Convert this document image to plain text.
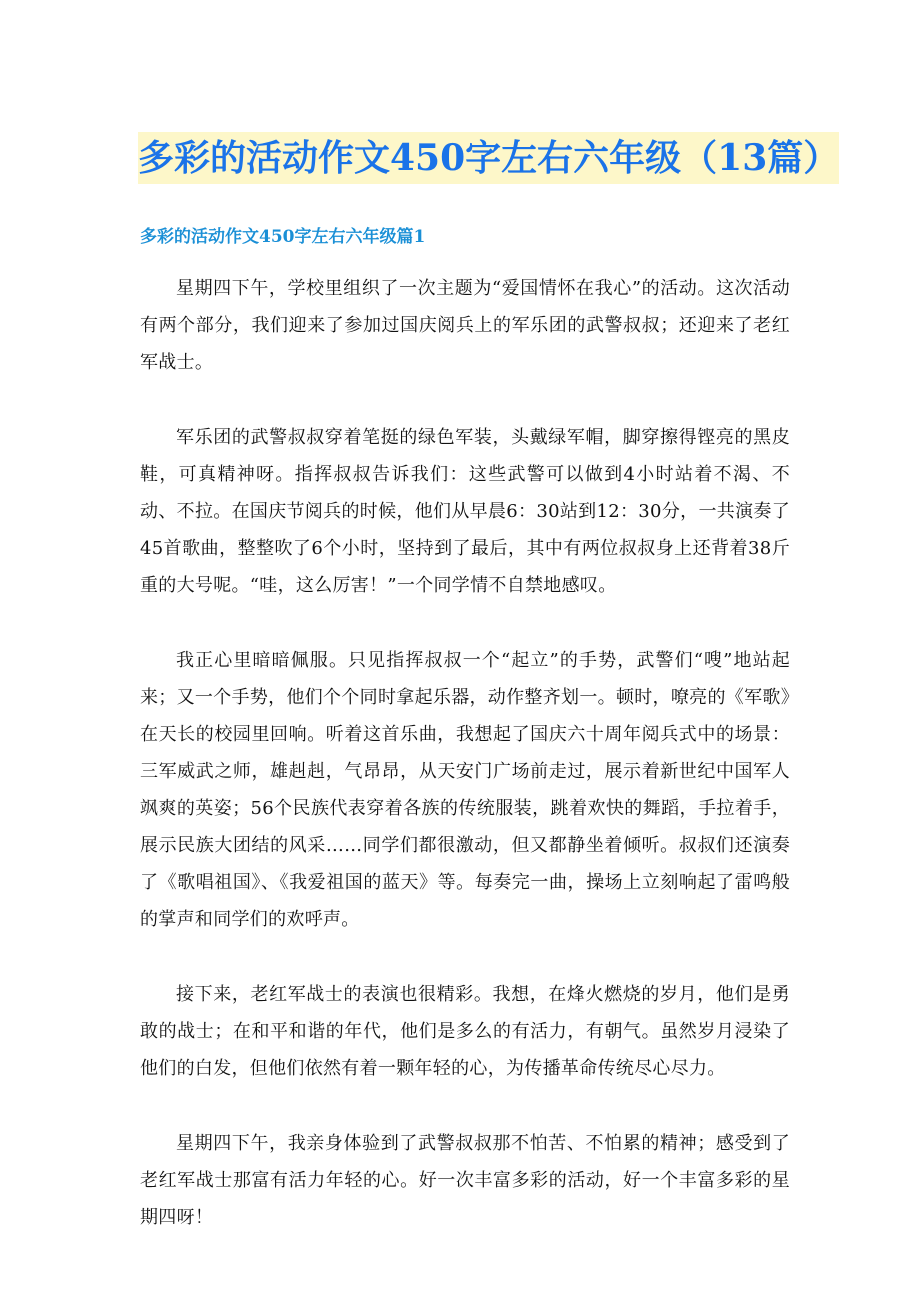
多彩的活动作文450字左右六年级（13篇）
多彩的活动作文450字左右六年级篇1

星期四下午，学校里组织了一次主题为“爱国情怀在我心”的活动。这次活动有两个部分，我们迎来了参加过国庆阅兵上的军乐团的武警叔叔；还迎来了老红军战士。

军乐团的武警叔叔穿着笔挺的绿色军装，头戴绿军帽，脚穿擦得铿亮的黑皮鞋，可真精神呀。指挥叔叔告诉我们：这些武警可以做到4小时站着不渴、不动、不拉。在国庆节阅兵的时候，他们从早晨6：30站到12：30分，一共演奏了45首歌曲，整整吹了6个小时，坚持到了最后，其中有两位叔叔身上还背着38斤重的大号呢。“哇，这么厉害！”一个同学情不自禁地感叹。

我正心里暗暗佩服。只见指挥叔叔一个“起立”的手势，武警们“嗖”地站起来；又一个手势，他们个个同时拿起乐器，动作整齐划一。顿时，嘹亮的《军歌》在天长的校园里回响。听着这首乐曲，我想起了国庆六十周年阅兵式中的场景：三军威武之师，雄赳赳，气昂昂，从天安门广场前走过，展示着新世纪中国军人飒爽的英姿；56个民族代表穿着各族的传统服装，跳着欢快的舞蹈，手拉着手，展示民族大团结的风采……同学们都很激动，但又都静坐着倾听。叔叔们还演奏了《歌唱祖国》、《我爱祖国的蓝天》等。每奏完一曲，操场上立刻响起了雷鸣般的掌声和同学们的欢呼声。

接下来，老红军战士的表演也很精彩。我想，在烽火燃烧的岁月，他们是勇敢的战士；在和平和谐的年代，他们是多么的有活力，有朝气。虽然岁月浸染了他们的白发，但他们依然有着一颗年轻的心，为传播革命传统尽心尽力。

星期四下午，我亲身体验到了武警叔叔那不怕苦、不怕累的精神；感受到了老红军战士那富有活力年轻的心。好一次丰富多彩的活动，好一个丰富多彩的星期四呀！
